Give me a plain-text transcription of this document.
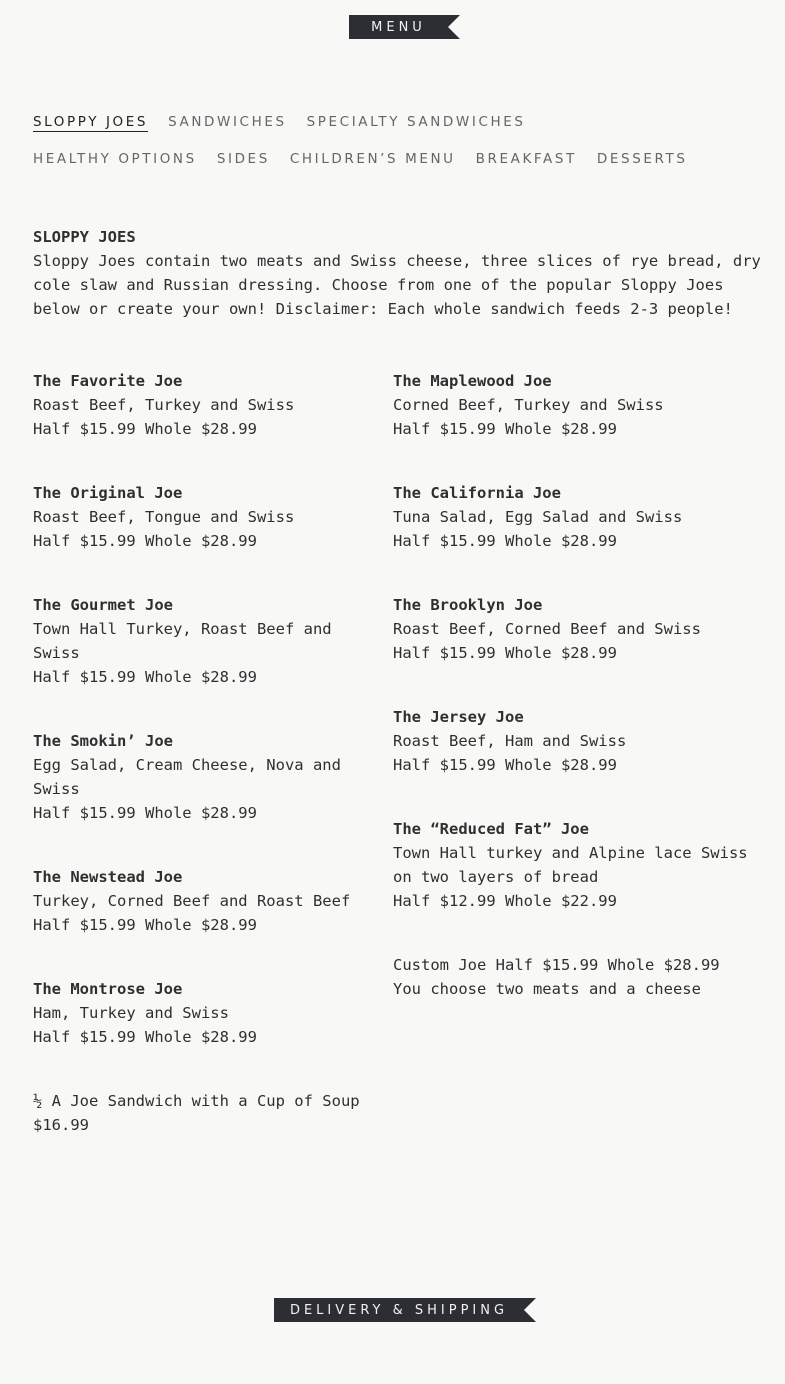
MENU
SLOPPY JOES SANDWICHES SPECIALTY SANDWICHES
HEALTHY OPTIONS SIDES CHILDREN’S MENU BREAKFAST DESSERTS
SLOPPY JOES
Sloppy Joes contain two meats and Swiss cheese, three slices of rye bread, dry cole slaw and Russian dressing. Choose from one of the popular Sloppy Joes below or create your own! Disclaimer: Each whole sandwich feeds 2-3 people!
The Favorite Joe
Roast Beef, Turkey and Swiss
Half $15.99 Whole $28.99
The Original Joe
Roast Beef, Tongue and Swiss
Half $15.99 Whole $28.99
The Gourmet Joe
Town Hall Turkey, Roast Beef and Swiss
Half $15.99 Whole $28.99
The Smokin’ Joe
Egg Salad, Cream Cheese, Nova and Swiss
Half $15.99 Whole $28.99
The Newstead Joe
Turkey, Corned Beef and Roast Beef
Half $15.99 Whole $28.99
The Montrose Joe
Ham, Turkey and Swiss
Half $15.99 Whole $28.99
½ A Joe Sandwich with a Cup of Soup
$16.99
The Maplewood Joe
Corned Beef, Turkey and Swiss
Half $15.99 Whole $28.99
The California Joe
Tuna Salad, Egg Salad and Swiss
Half $15.99 Whole $28.99
The Brooklyn Joe
Roast Beef, Corned Beef and Swiss
Half $15.99 Whole $28.99
The Jersey Joe
Roast Beef, Ham and Swiss
Half $15.99 Whole $28.99
The “Reduced Fat” Joe
Town Hall turkey and Alpine lace Swiss on two layers of bread
Half $12.99 Whole $22.99
Custom Joe Half $15.99 Whole $28.99
You choose two meats and a cheese
DELIVERY & SHIPPING
